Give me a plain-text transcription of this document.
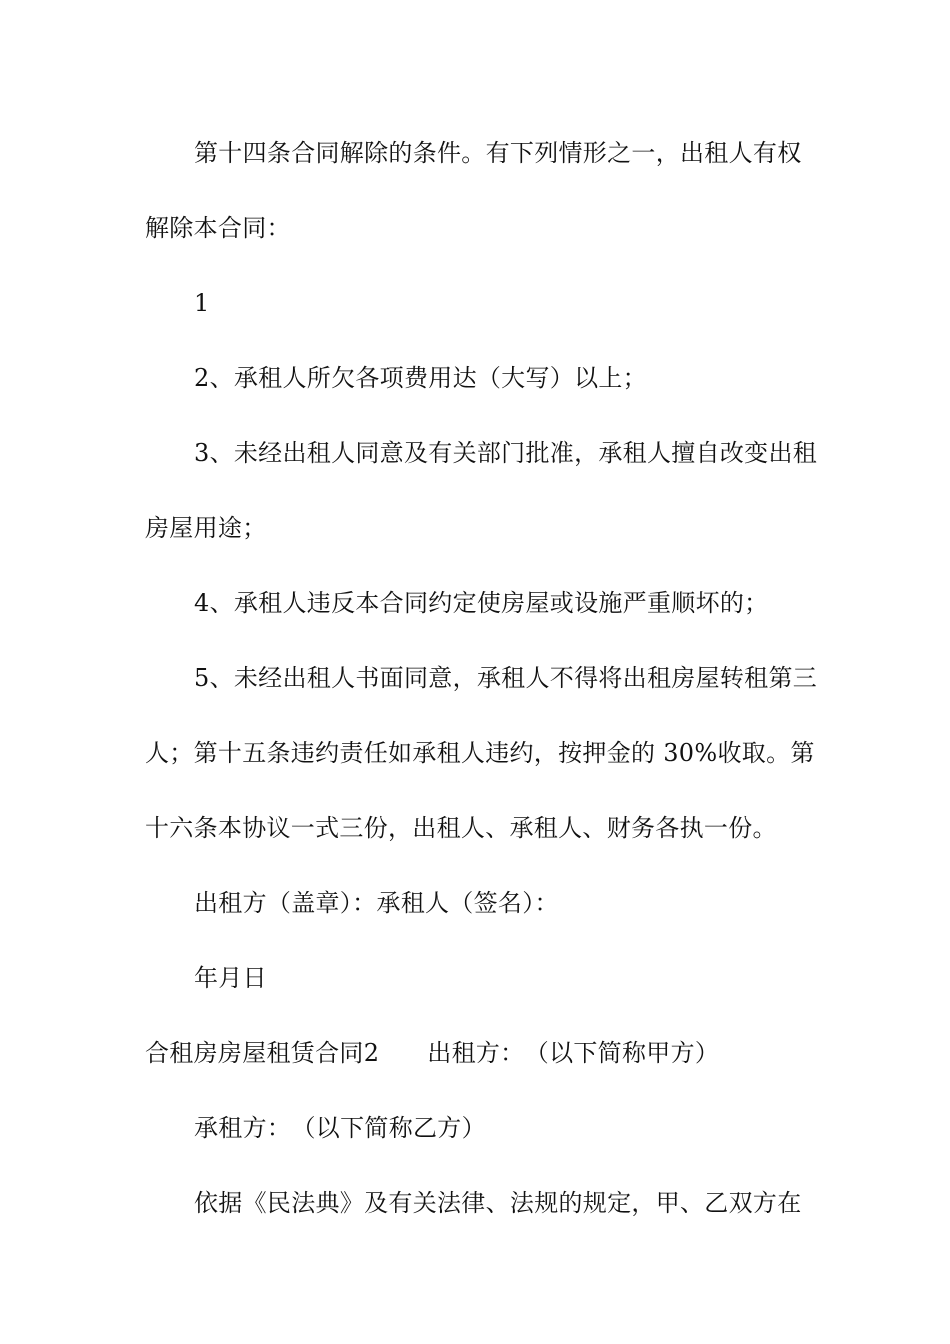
第十四条合同解除的条件。有下列情形之一，出租人有权
解除本合同：
1
2、承租人所欠各项费用达（大写）以上；
3、未经出租人同意及有关部门批准，承租人擅自改变出租
房屋用途；
4、承租人违反本合同约定使房屋或设施严重顺坏的；
5、未经出租人书面同意，承租人不得将出租房屋转租第三
人；第十五条违约责任如承租人违约，按押金的 30%收取。第
十六条本协议一式三份，出租人、承租人、财务各执一份。
出租方（盖章）：承租人（签名）：
年月日
合租房房屋租赁合同2 出租方：　（以下简称甲方）
承租方：　（以下简称乙方）
依据《民法典》及有关法律、法规的规定，甲、乙双方在
